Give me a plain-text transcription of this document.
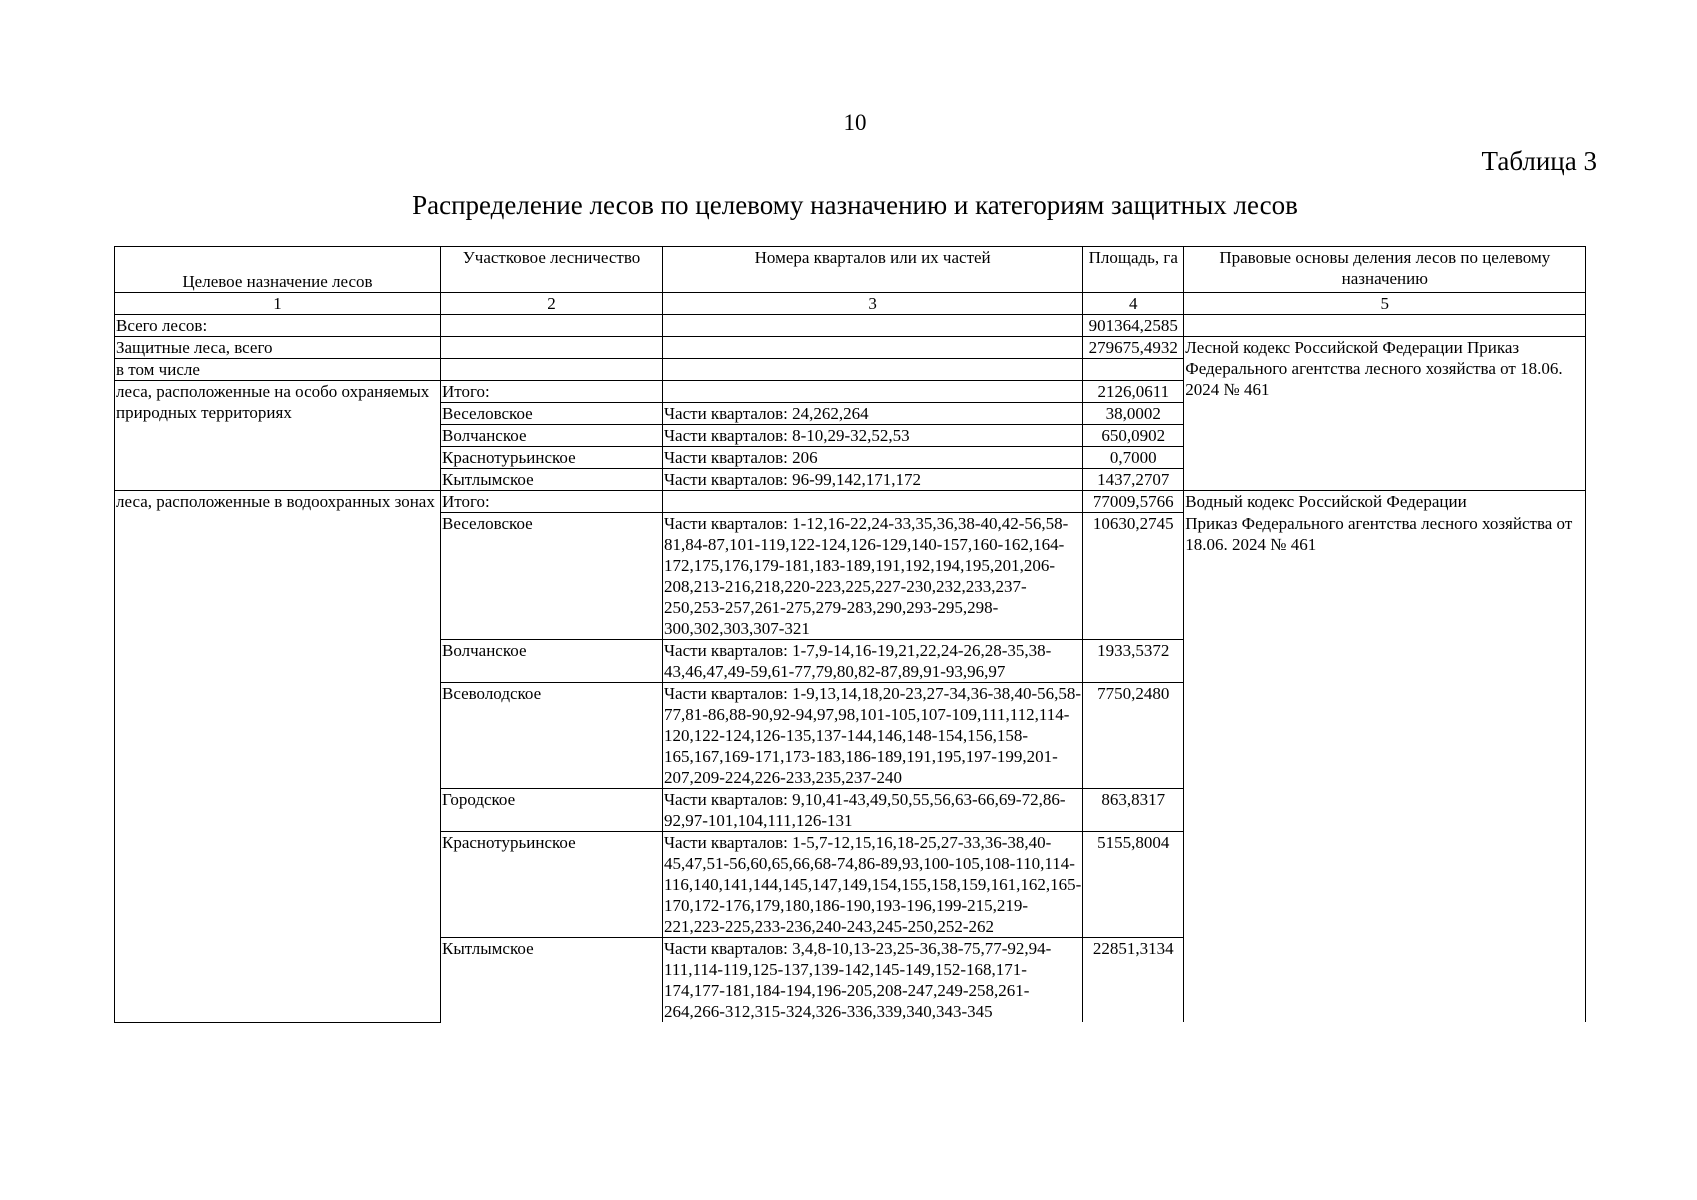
10
Таблица 3
Распределение лесов по целевому назначению и категориям защитных лесов
Целевое назначение лесов	Участковое лесничество	Номера кварталов или их частей	Площадь, га	Правовые основы деления лесов по целевому назначению
1	2	3	4	5
Всего лесов:			901364,2585	
Защитные леса, всего			279675,4932	Лесной кодекс Российской Федерации Приказ Федерального агентства лесного хозяйства от 18.06. 2024 № 461
в том числе				
леса, расположенные на особо охраняемых природных территориях	Итого:		2126,0611	
	Веселовское	Части кварталов: 24,262,264	38,0002	
	Волчанское	Части кварталов: 8-10,29-32,52,53	650,0902	
	Краснотурьинское	Части кварталов: 206	0,7000	
	Кытлымское	Части кварталов: 96-99,142,171,172	1437,2707	
леса, расположенные в водоохранных зонах	Итого:		77009,5766	Водный кодекс Российской Федерации
	Веселовское	Части кварталов: 1-12,16-22,24-33,35,36,38-40,42-56,58-81,84-87,101-119,122-124,126-129,140-157,160-162,164-172,175,176,179-181,183-189,191,192,194,195,201,206-208,213-216,218,220-223,225,227-230,232,233,237-250,253-257,261-275,279-283,290,293-295,298-300,302,303,307-321	10630,2745	Приказ Федерального агентства лесного хозяйства от 18.06. 2024 № 461
	Волчанское	Части кварталов: 1-7,9-14,16-19,21,22,24-26,28-35,38-43,46,47,49-59,61-77,79,80,82-87,89,91-93,96,97	1933,5372	
	Всеволодское	Части кварталов: 1-9,13,14,18,20-23,27-34,36-38,40-56,58-77,81-86,88-90,92-94,97,98,101-105,107-109,111,112,114-120,122-124,126-135,137-144,146,148-154,156,158-165,167,169-171,173-183,186-189,191,195,197-199,201-207,209-224,226-233,235,237-240	7750,2480	
	Городское	Части кварталов: 9,10,41-43,49,50,55,56,63-66,69-72,86-92,97-101,104,111,126-131	863,8317	
	Краснотурьинское	Части кварталов: 1-5,7-12,15,16,18-25,27-33,36-38,40-45,47,51-56,60,65,66,68-74,86-89,93,100-105,108-110,114-116,140,141,144,145,147,149,154,155,158,159,161,162,165-170,172-176,179,180,186-190,193-196,199-215,219-221,223-225,233-236,240-243,245-250,252-262	5155,8004	
	Кытлымское	Части кварталов: 3,4,8-10,13-23,25-36,38-75,77-92,94-111,114-119,125-137,139-142,145-149,152-168,171-174,177-181,184-194,196-205,208-247,249-258,261-264,266-312,315-324,326-336,339,340,343-345	22851,3134	
